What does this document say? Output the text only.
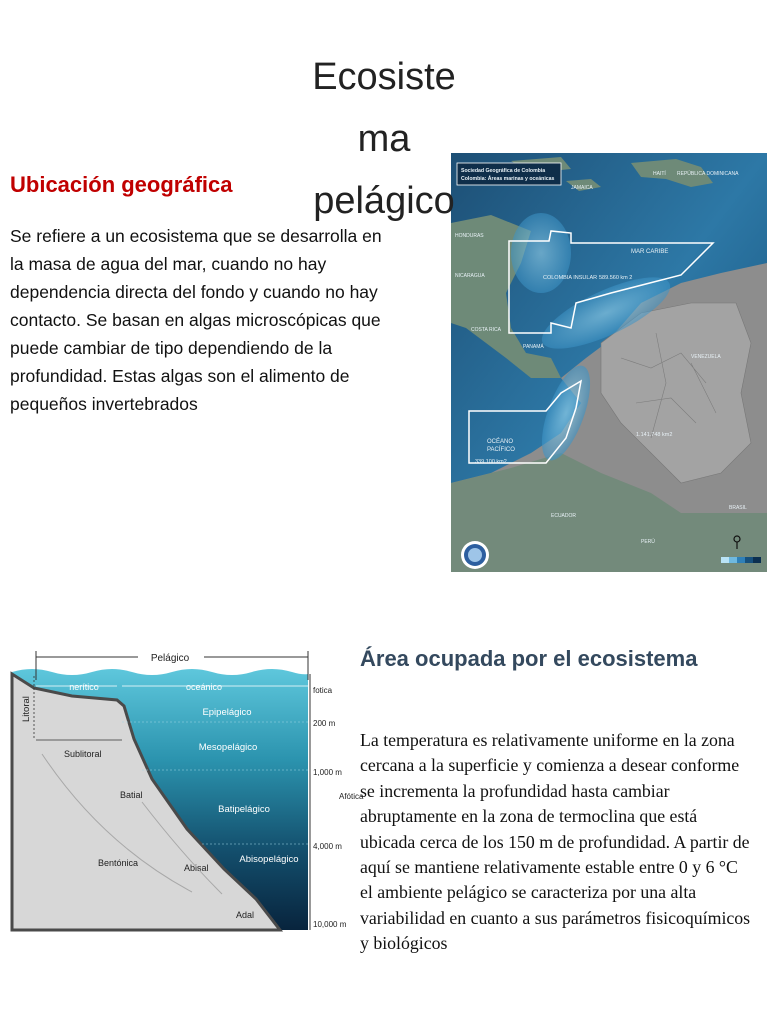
Ecosiste
ma
pelágico
Ubicación geográfica

Se refiere a un ecosistema que se desarrolla en la masa de agua del mar, cuando no hay dependencia directa del fondo y cuando no hay contacto. Se basan en algas microscópicas que puede cambiar de tipo dependiendo de la profundidad. Estas algas son el alimento de pequeños invertebrados

Sociedad Geográfica de Colombia
Colombia: Áreas marinas y oceánicas
HAITÍ REPÚBLICA DOMINICANA
JAMAICA
HONDURAS
NICARAGUA
COSTA RICA
PANAMÁ
MAR CARIBE
COLOMBIA INSULAR 589.560 km 2
VENEZUELA
OCÉANO
PACÍFICO
339.100 km2
1.141.748 km2
ECUADOR
PERÚ
BRASIL
Pelágico
nerítico	oceánico
Epipelágico
Mesopelágico
Batipelágico
Abisopelágico
Litoral
Sublitoral
Batial
Bentónica	Abisal
Adal
fotica
200 m
1,000 m
Afótica
4,000 m
10,000 m
Área ocupada por el ecosistema

La temperatura es relativamente uniforme en la zona cercana a la superficie y comienza a desear conforme se incrementa la profundidad hasta cambiar abruptamente en la zona de termoclina que está ubicada cerca de los 150 m de profundidad. A partir de aquí se mantiene relativamente estable entre 0 y 6 °C el ambiente pelágico se caracteriza por una alta variabilidad en cuanto a sus parámetros fisicoquímicos y biológicos
